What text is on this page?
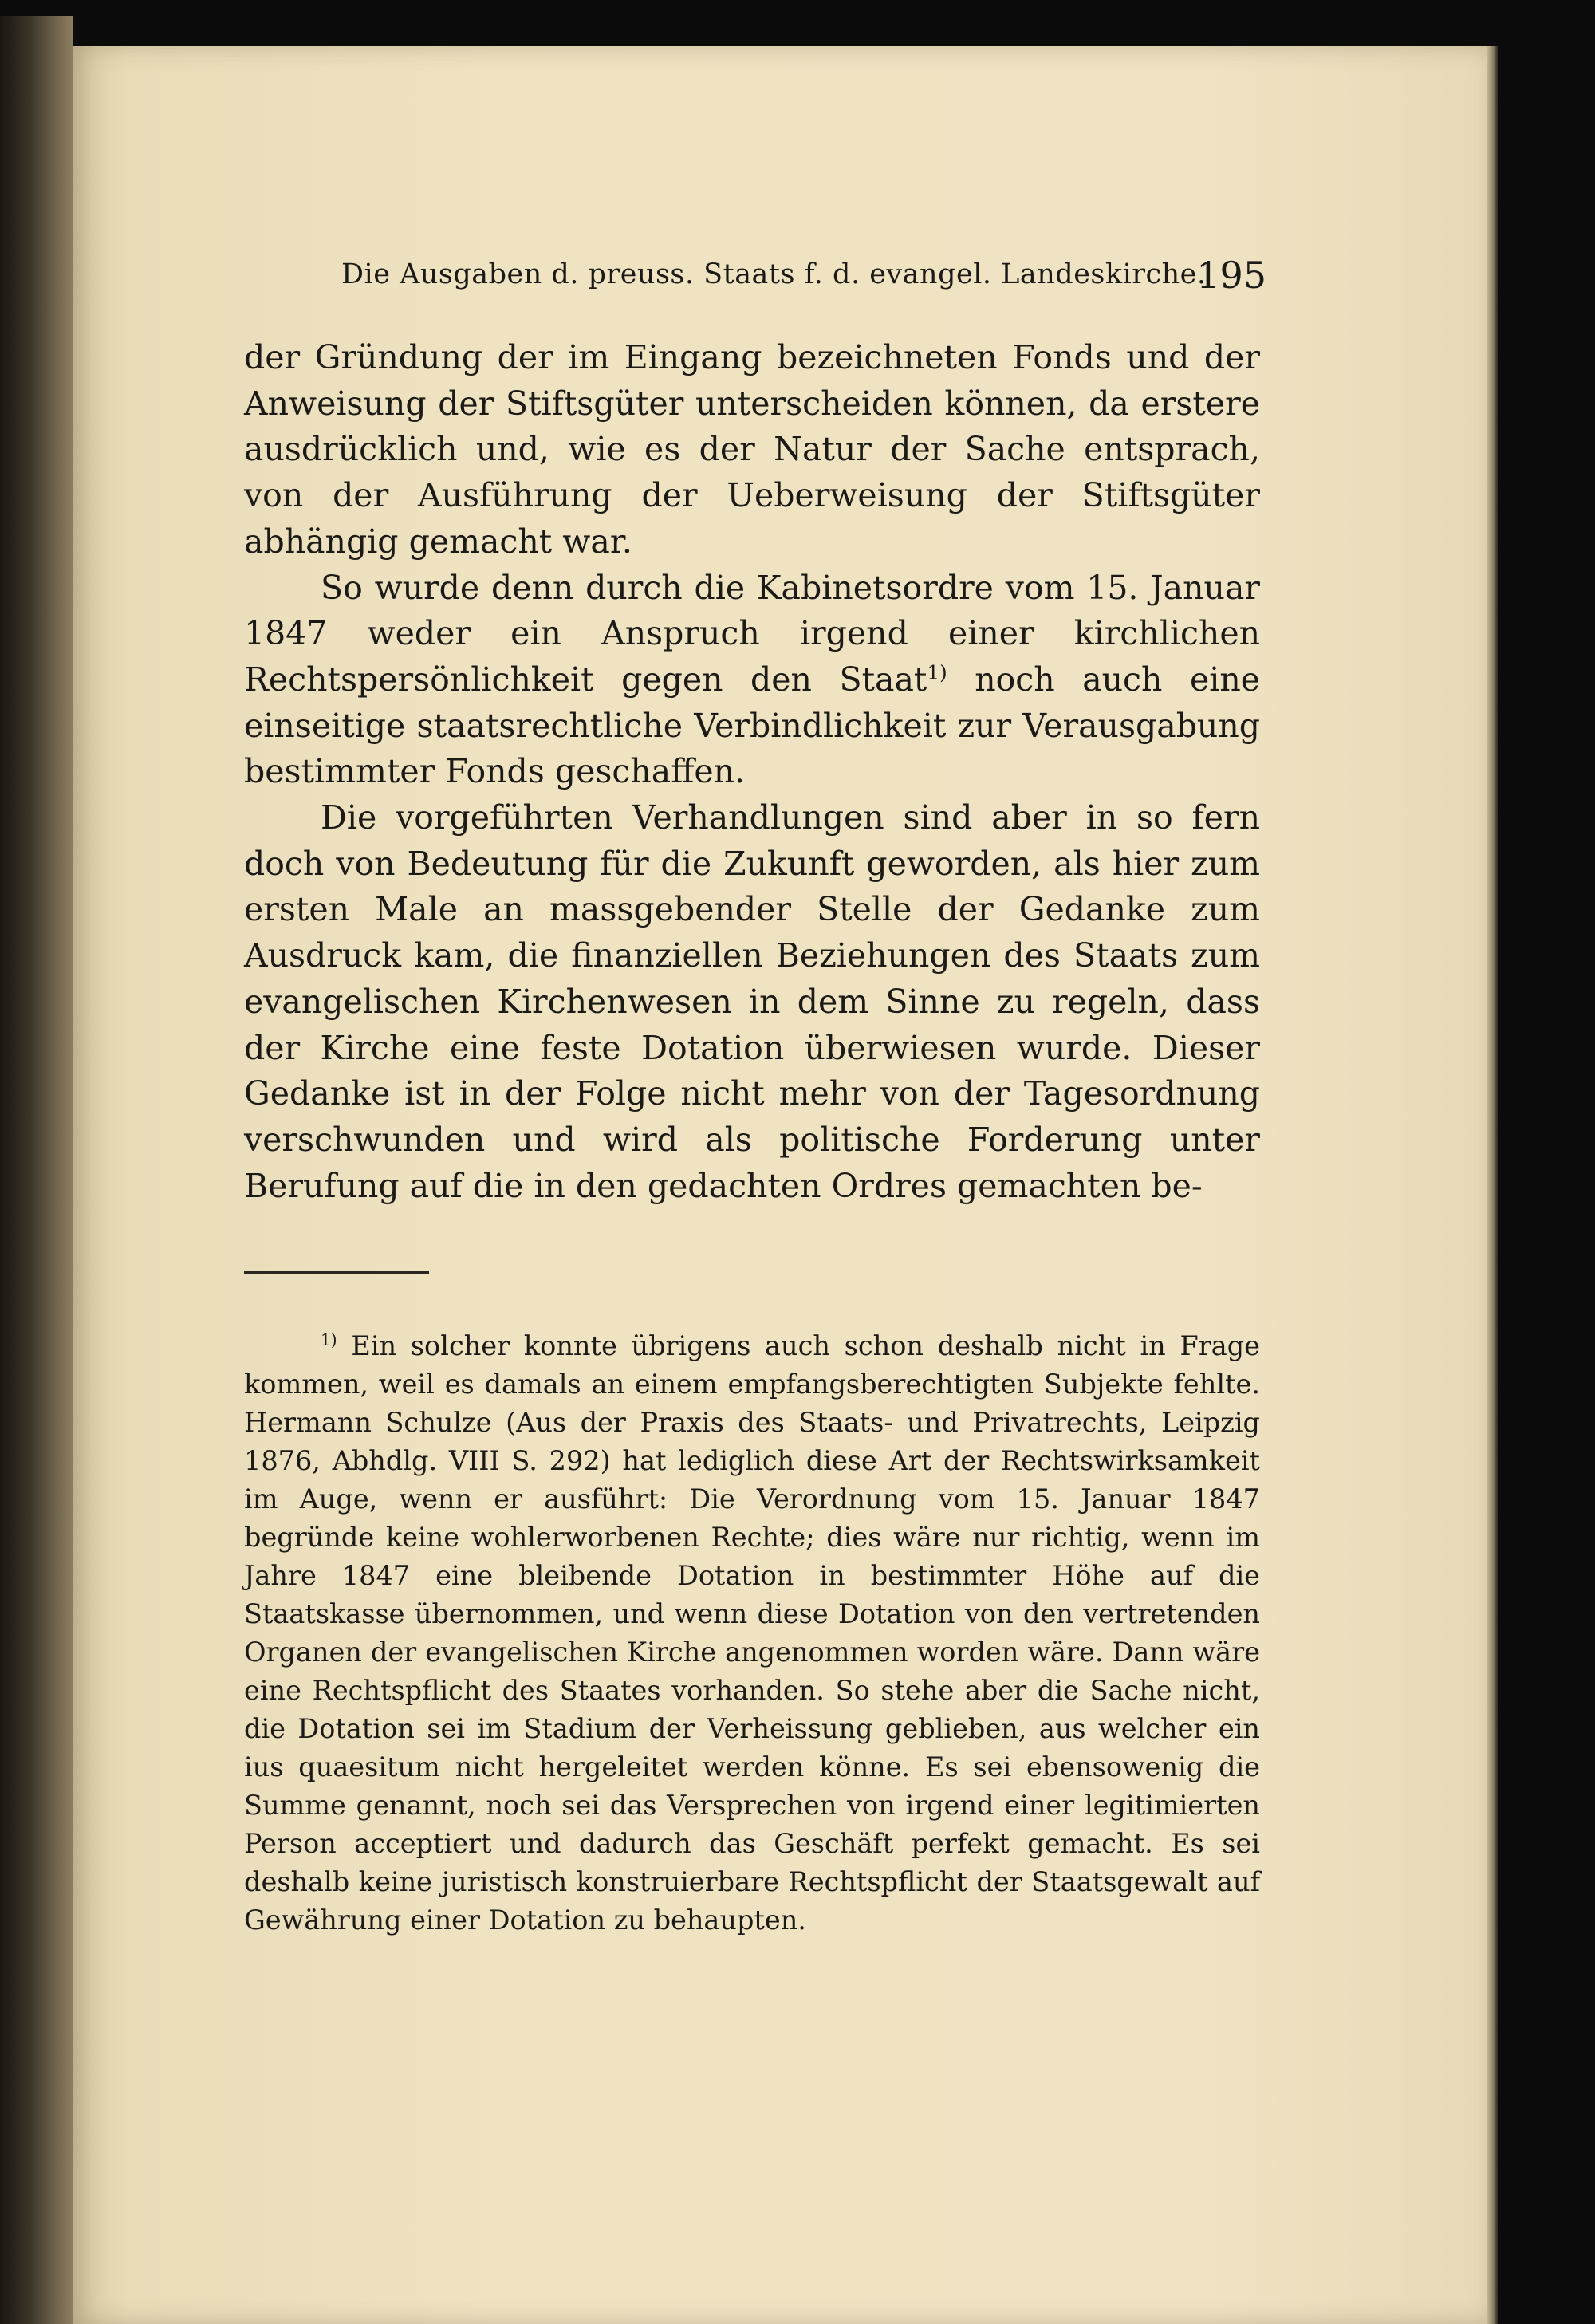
Die Ausgaben d. preuss. Staats f. d. evangel. Landeskirche.
195

der Gründung der im Eingang bezeichneten Fonds und der Anweisung der Stiftsgüter unterscheiden können, da erstere ausdrücklich und, wie es der Natur der Sache entsprach, von der Ausführung der Ueberweisung der Stiftsgüter abhängig gemacht war.

So wurde denn durch die Kabinetsordre vom 15. Januar 1847 weder ein Anspruch irgend einer kirchlichen Rechtspersönlichkeit gegen den Staat$^{1)}$ noch auch eine einseitige staatsrechtliche Verbindlichkeit zur Verausgabung bestimmter Fonds geschaffen.

Die vorgeführten Verhandlungen sind aber in so fern doch von Bedeutung für die Zukunft geworden, als hier zum ersten Male an massgebender Stelle der Gedanke zum Ausdruck kam, die finanziellen Beziehungen des Staats zum evangelischen Kirchenwesen in dem Sinne zu regeln, dass der Kirche eine feste Dotation überwiesen wurde. Dieser Gedanke ist in der Folge nicht mehr von der Tagesordnung verschwunden und wird als politische Forderung unter Berufung auf die in den gedachten Ordres gemachten be-

$^{1)}$ Ein solcher konnte übrigens auch schon deshalb nicht in Frage kommen, weil es damals an einem empfangsberechtigten Subjekte fehlte. Hermann Schulze (Aus der Praxis des Staats- und Privatrechts, Leipzig 1876, Abhdlg. VIII S. 292) hat lediglich diese Art der Rechtswirksamkeit im Auge, wenn er ausführt: Die Verordnung vom 15. Januar 1847 begründe keine wohlerworbenen Rechte; dies wäre nur richtig, wenn im Jahre 1847 eine bleibende Dotation in bestimmter Höhe auf die Staatskasse übernommen, und wenn diese Dotation von den vertretenden Organen der evangelischen Kirche angenommen worden wäre. Dann wäre eine Rechtspflicht des Staates vorhanden. So stehe aber die Sache nicht, die Dotation sei im Stadium der Verheissung geblieben, aus welcher ein ius quaesitum nicht hergeleitet werden könne. Es sei ebensowenig die Summe genannt, noch sei das Versprechen von irgend einer legitimierten Person acceptiert und dadurch das Geschäft perfekt gemacht. Es sei deshalb keine juristisch konstruierbare Rechtspflicht der Staatsgewalt auf Gewährung einer Dotation zu behaupten.
